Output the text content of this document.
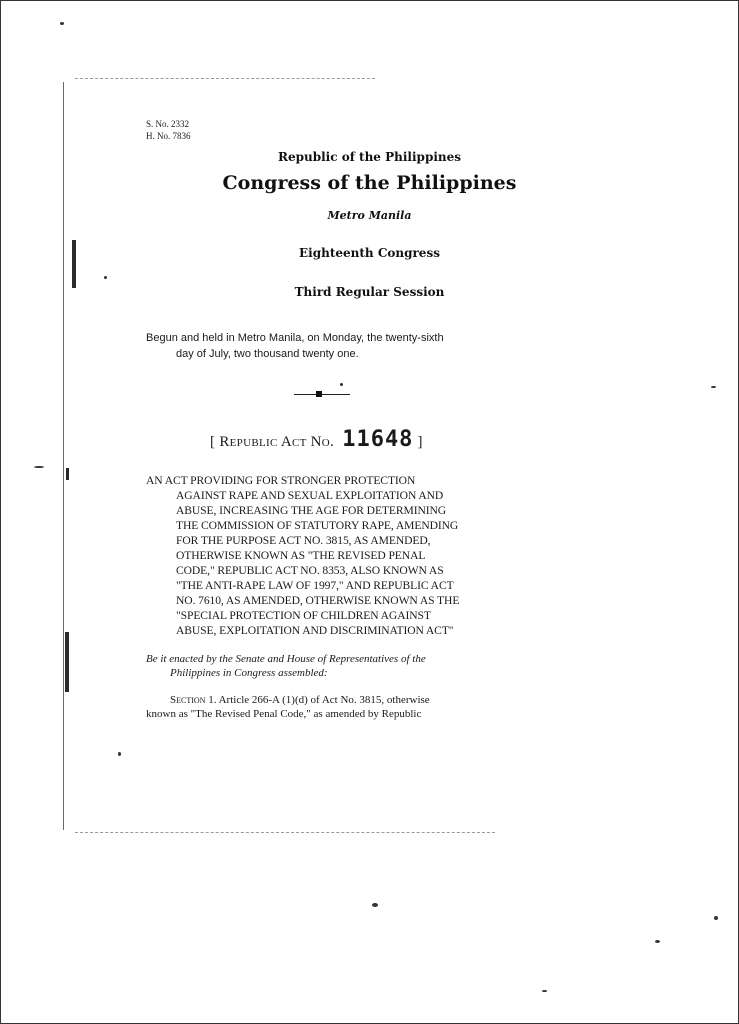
S. No. 2332
H. No. 7836
Republic of the Philippines
Congress of the Philippines
Metro Manila
Eighteenth Congress
Third Regular Session
Begun and held in Metro Manila, on Monday, the twenty-sixth
day of July, two thousand twenty one.
[ Republic Act No. 11648 ]
AN ACT PROVIDING FOR STRONGER PROTECTION
AGAINST RAPE AND SEXUAL EXPLOITATION AND
ABUSE, INCREASING THE AGE FOR DETERMINING
THE COMMISSION OF STATUTORY RAPE, AMENDING
FOR THE PURPOSE ACT NO. 3815, AS AMENDED,
OTHERWISE KNOWN AS "THE REVISED PENAL
CODE," REPUBLIC ACT NO. 8353, ALSO KNOWN AS
"THE ANTI-RAPE LAW OF 1997," AND REPUBLIC ACT
NO. 7610, AS AMENDED, OTHERWISE KNOWN AS THE
"SPECIAL PROTECTION OF CHILDREN AGAINST
ABUSE, EXPLOITATION AND DISCRIMINATION ACT"
Be it enacted by the Senate and House of Representatives of the
Philippines in Congress assembled:
Section 1. Article 266-A (1)(d) of Act No. 3815, otherwise
known as "The Revised Penal Code," as amended by Republic
